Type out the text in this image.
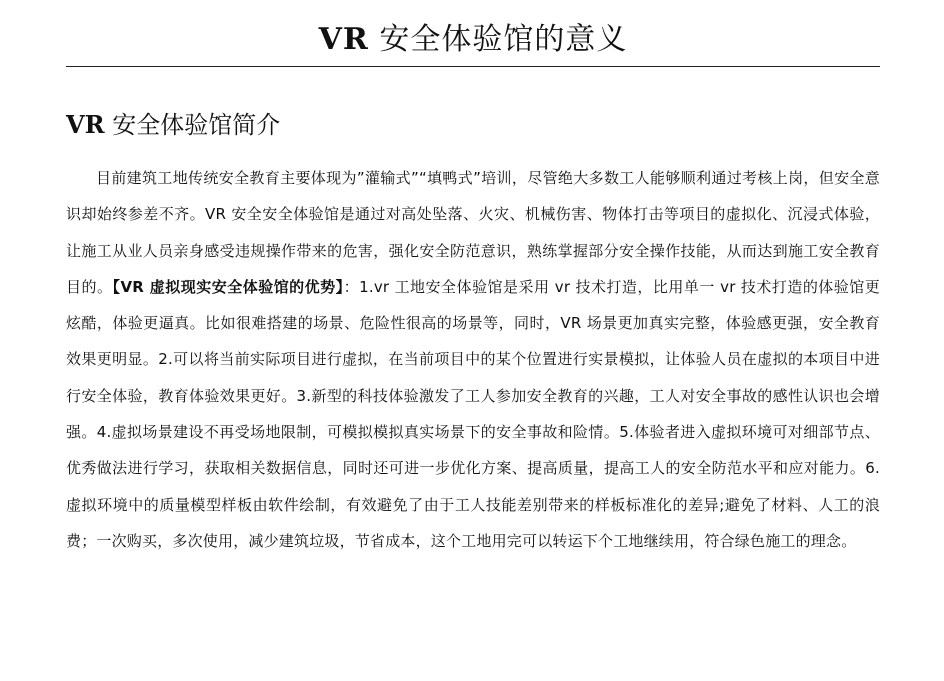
VR 安全体验馆的意义
VR 安全体验馆简介

目前建筑工地传统安全教育主要体现为”灌输式”“填鸭式”培训，尽管绝大多数工人能够顺利通过考核上岗，但安全意识却始终参差不齐。VR 安全安全体验馆是通过对高处坠落、火灾、机械伤害、物体打击等项目的虚拟化、沉浸式体验，让施工从业人员亲身感受违规操作带来的危害，强化安全防范意识，熟练掌握部分安全操作技能，从而达到施工安全教育目的。【VR 虚拟现实安全体验馆的优势】：1.vr 工地安全体验馆是采用 vr 技术打造，比用单一 vr 技术打造的体验馆更炫酷，体验更逼真。比如很难搭建的场景、危险性很高的场景等，同时，VR 场景更加真实完整，体验感更强，安全教育效果更明显。2.可以将当前实际项目进行虚拟，在当前项目中的某个位置进行实景模拟，让体验人员在虚拟的本项目中进行安全体验，教育体验效果更好。3.新型的科技体验激发了工人参加安全教育的兴趣，工人对安全事故的感性认识也会增强。4.虚拟场景建设不再受场地限制，可模拟模拟真实场景下的安全事故和险情。5.体验者进入虚拟环境可对细部节点、优秀做法进行学习，获取相关数据信息，同时还可进一步优化方案、提高质量，提高工人的安全防范水平和应对能力。6.虚拟环境中的质量模型样板由软件绘制，有效避免了由于工人技能差别带来的样板标准化的差异;避免了材料、人工的浪费；一次购买，多次使用，减少建筑垃圾，节省成本，这个工地用完可以转运下个工地继续用，符合绿色施工的理念。
